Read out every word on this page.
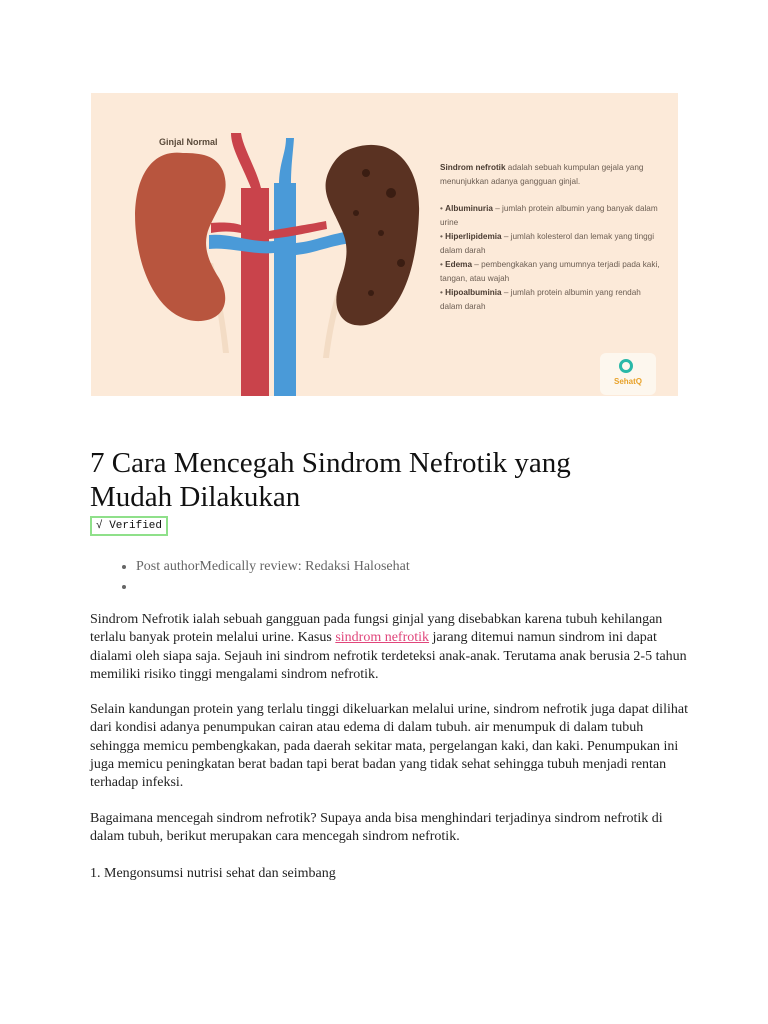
Ginjal Normal

Sindrom nefrotik adalah sebuah kumpulan gejala yang menunjukkan adanya gangguan ginjal.

• Albuminuria – jumlah protein albumin yang banyak dalam urine
• Hiperlipidemia – jumlah kolesterol dan lemak yang tinggi dalam darah
• Edema – pembengkakan yang umumnya terjadi pada kaki, tangan, atau wajah
• Hipoalbuminia – jumlah protein albumin yang rendah dalam darah
SehatQ
7 Cara Mencegah Sindrom Nefrotik yang Mudah Dilakukan
√ Verified
• Post authorMedically review: Redaksi Halosehat
•

Sindrom Nefrotik ialah sebuah gangguan pada fungsi ginjal yang disebabkan karena tubuh kehilangan terlalu banyak protein melalui urine. Kasus sindrom nefrotik jarang ditemui namun sindrom ini dapat dialami oleh siapa saja. Sejauh ini sindrom nefrotik terdeteksi anak-anak. Terutama anak berusia 2-5 tahun memiliki risiko tinggi mengalami sindrom nefrotik.

Selain kandungan protein yang terlalu tinggi dikeluarkan melalui urine, sindrom nefrotik juga dapat dilihat dari kondisi adanya penumpukan cairan atau edema di dalam tubuh. air menumpuk di dalam tubuh sehingga memicu pembengkakan, pada daerah sekitar mata, pergelangan kaki, dan kaki. Penumpukan ini juga memicu peningkatan berat badan tapi berat badan yang tidak sehat sehingga tubuh menjadi rentan terhadap infeksi.

Bagaimana mencegah sindrom nefrotik? Supaya anda bisa menghindari terjadinya sindrom nefrotik di dalam tubuh, berikut merupakan cara mencegah sindrom nefrotik.

1. Mengonsumsi nutrisi sehat dan seimbang
